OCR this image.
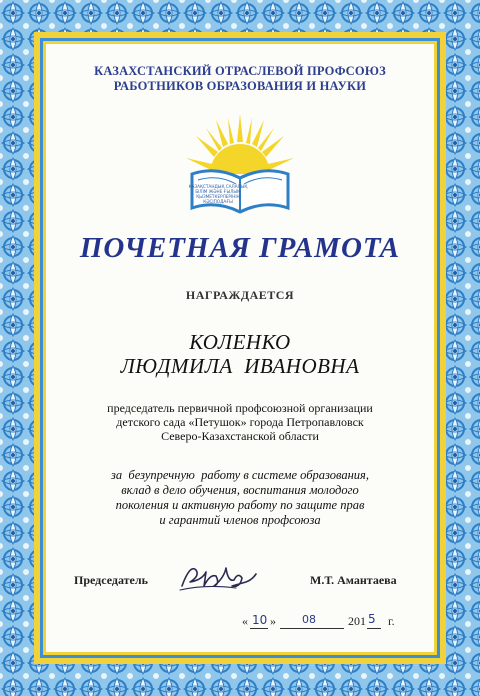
КАЗАХСТАНСКИЙ ОТРАСЛЕВОЙ ПРОФСОЮЗ
РАБОТНИКОВ ОБРАЗОВАНИЯ И НАУКИ
ҚАЗАҚСТАНДЫҚ САЛАЛЫҚ
БІЛІМ ЖӘНЕ ҒЫЛЫМ
ҚЫЗМЕТКЕРЛЕРІНІҢ
КӘСІПОДАҒЫ
ПОЧЕТНАЯ ГРАМОТА
НАГРАЖДАЕТСЯ
КОЛЕНКО
ЛЮДМИЛА  ИВАНОВНА
председатель первичной профсоюзной организации
детского сада «Петушок» города Петропавловск
Северо-Казахстанской области
за  безупречную  работу в системе образования,
вклад в дело обучения, воспитания молодого
поколения и активную работу по защите прав
и гарантий членов профсоюза
Председатель	М.Т. Амантаева
« 10 » 08	201 5 г.
